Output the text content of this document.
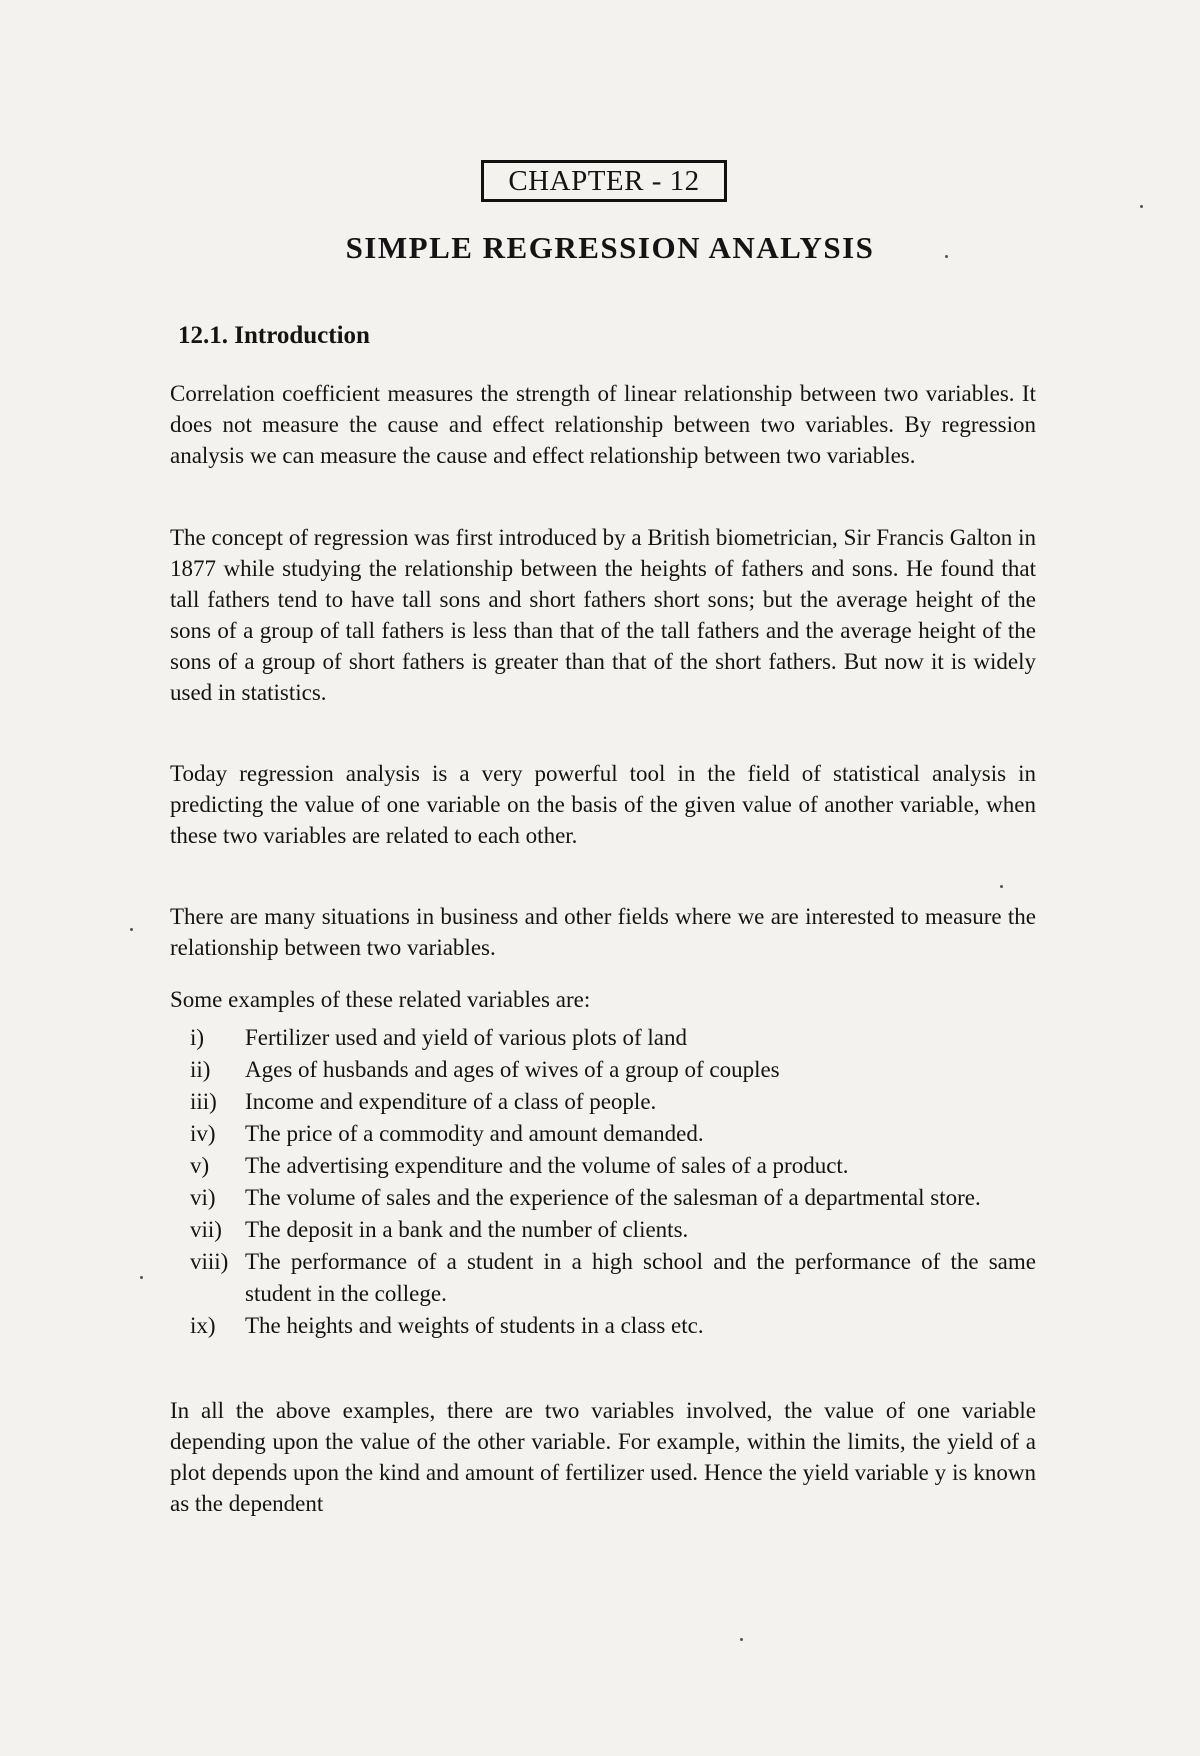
CHAPTER - 12
SIMPLE REGRESSION ANALYSIS
12.1. Introduction
Correlation coefficient measures the strength of linear relationship between two variables. It does not measure the cause and effect relationship between two variables. By regression analysis we can measure the cause and effect relationship between two variables.
The concept of regression was first introduced by a British biometrician, Sir Francis Galton in 1877 while studying the relationship between the heights of fathers and sons. He found that tall fathers tend to have tall sons and short fathers short sons; but the average height of the sons of a group of tall fathers is less than that of the tall fathers and the average height of the sons of a group of short fathers is greater than that of the short fathers. But now it is widely used in statistics.
Today regression analysis is a very powerful tool in the field of statistical analysis in predicting the value of one variable on the basis of the given value of another variable, when these two variables are related to each other.
There are many situations in business and other fields where we are interested to measure the relationship between two variables.
Some examples of these related variables are:
i) Fertilizer used and yield of various plots of land
ii) Ages of husbands and ages of wives of a group of couples
iii) Income and expenditure of a class of people.
iv) The price of a commodity and amount demanded.
v) The advertising expenditure and the volume of sales of a product.
vi) The volume of sales and the experience of the salesman of a departmental store.
vii) The deposit in a bank and the number of clients.
viii) The performance of a student in a high school and the performance of the same student in the college.
ix) The heights and weights of students in a class etc.
In all the above examples, there are two variables involved, the value of one variable depending upon the value of the other variable. For example, within the limits, the yield of a plot depends upon the kind and amount of fertilizer used. Hence the yield variable y is known as the dependent
